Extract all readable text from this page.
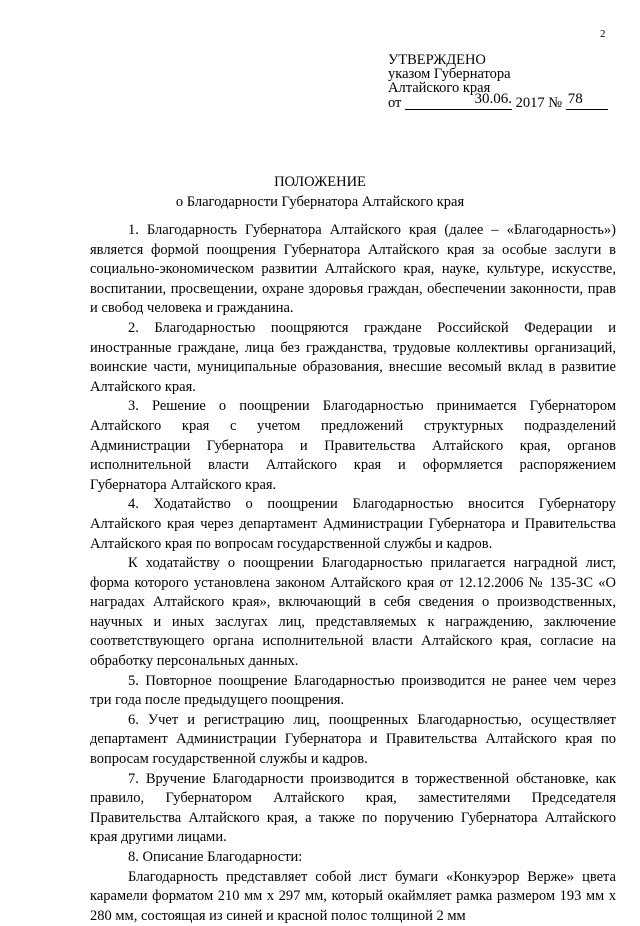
2
УТВЕРЖДЕНО
указом Губернатора
Алтайского края
от	30.06. 2017 № 78
ПОЛОЖЕНИЕ
о Благодарности Губернатора Алтайского края

1. Благодарность Губернатора Алтайского края (далее – «Благодарность») является формой поощрения Губернатора Алтайского края за особые заслуги в социально-экономическом развитии Алтайского края, науке, культуре, искусстве, воспитании, просвещении, охране здоровья граждан, обеспечении законности, прав и свобод человека и гражданина.

2. Благодарностью поощряются граждане Российской Федерации и иностранные граждане, лица без гражданства, трудовые коллективы организаций, воинские части, муниципальные образования, внесшие весомый вклад в развитие Алтайского края.

3. Решение о поощрении Благодарностью принимается Губернатором Алтайского края с учетом предложений структурных подразделений Администрации Губернатора и Правительства Алтайского края, органов исполнительной власти Алтайского края и оформляется распоряжением Губернатора Алтайского края.

4. Ходатайство о поощрении Благодарностью вносится Губернатору Алтайского края через департамент Администрации Губернатора и Правительства Алтайского края по вопросам государственной службы и кадров.

К ходатайству о поощрении Благодарностью прилагается наградной лист, форма которого установлена законом Алтайского края от 12.12.2006 № 135-ЗС «О наградах Алтайского края», включающий в себя сведения о производственных, научных и иных заслугах лиц, представляемых к награждению, заключение соответствующего органа исполнительной власти Алтайского края, согласие на обработку персональных данных.

5. Повторное поощрение Благодарностью производится не ранее чем через три года после предыдущего поощрения.

6. Учет и регистрацию лиц, поощренных Благодарностью, осуществляет департамент Администрации Губернатора и Правительства Алтайского края по вопросам государственной службы и кадров.

7. Вручение Благодарности производится в торжественной обстановке, как правило, Губернатором Алтайского края, заместителями Председателя Правительства Алтайского края, а также по поручению Губернатора Алтайского края другими лицами.

8. Описание Благодарности:

Благодарность представляет собой лист бумаги «Конкуэрор Верже» цвета карамели форматом 210 мм х 297 мм, который окаймляет рамка размером 193 мм х 280 мм, состоящая из синей и красной полос толщиной 2 мм
